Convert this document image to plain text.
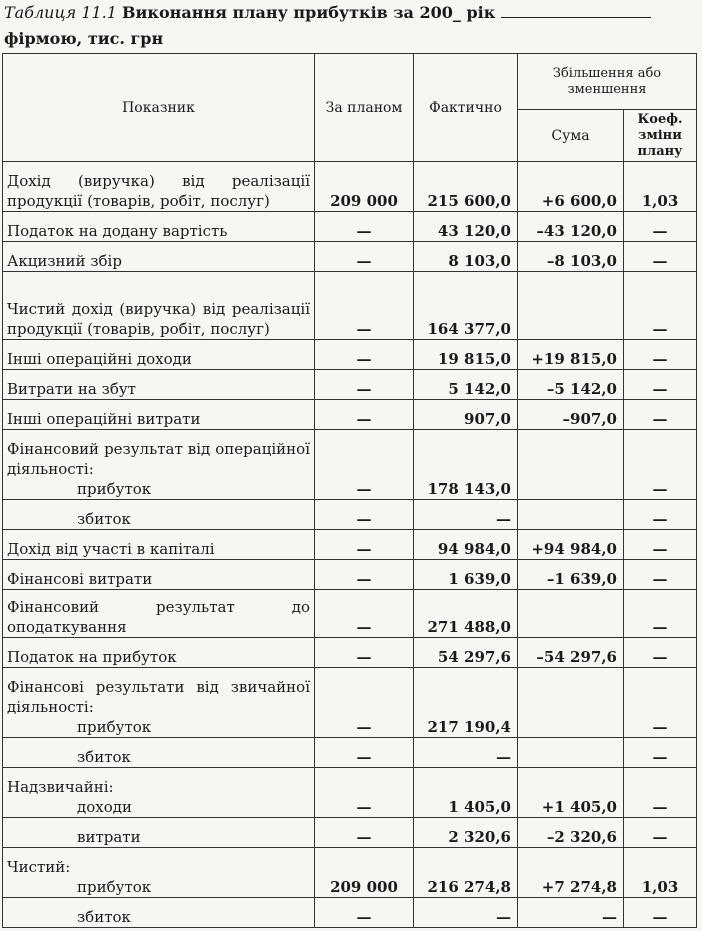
Таблиця 11.1 Виконання плану прибутків за 200_ рік
фірмою, тис. грн
Показник	За планом	Фактично	Збільшення або зменшення	
			Сума	Коеф. зміни плану
Дохід (виручка) від реалізації продукції (товарів, робіт, послуг)	209 000	215 600,0	+6 600,0	1,03
Податок на додану вартість	—	43 120,0	–43 120,0	—
Акцизний збір	—	8 103,0	–8 103,0	—
Чистий дохід (виручка) від реалізації продукції (товарів, робіт, послуг)	—	164 377,0		—
Інші операційні доходи	—	19 815,0	+19 815,0	—
Витрати на збут	—	5 142,0	–5 142,0	—
Інші операційні витрати	—	907,0	–907,0	—
Фінансовий результат від операційної діяльності:
прибуток	—	178 143,0		—
збиток	—	—		—
Дохід від участі в капіталі	—	94 984,0	+94 984,0	—
Фінансові витрати	—	1 639,0	–1 639,0	—
Фінансовий результат до оподаткування	—	271 488,0		—
Податок на прибуток	—	54 297,6	–54 297,6	—
Фінансові результати від звичайної діяльності:
прибуток	—	217 190,4		—
збиток	—	—		—
Надзвичайні:
доходи	—	1 405,0	+1 405,0	—
витрати	—	2 320,6	–2 320,6	—
Чистий:
прибуток	209 000	216 274,8	+7 274,8	1,03
збиток	—	—	—	—
